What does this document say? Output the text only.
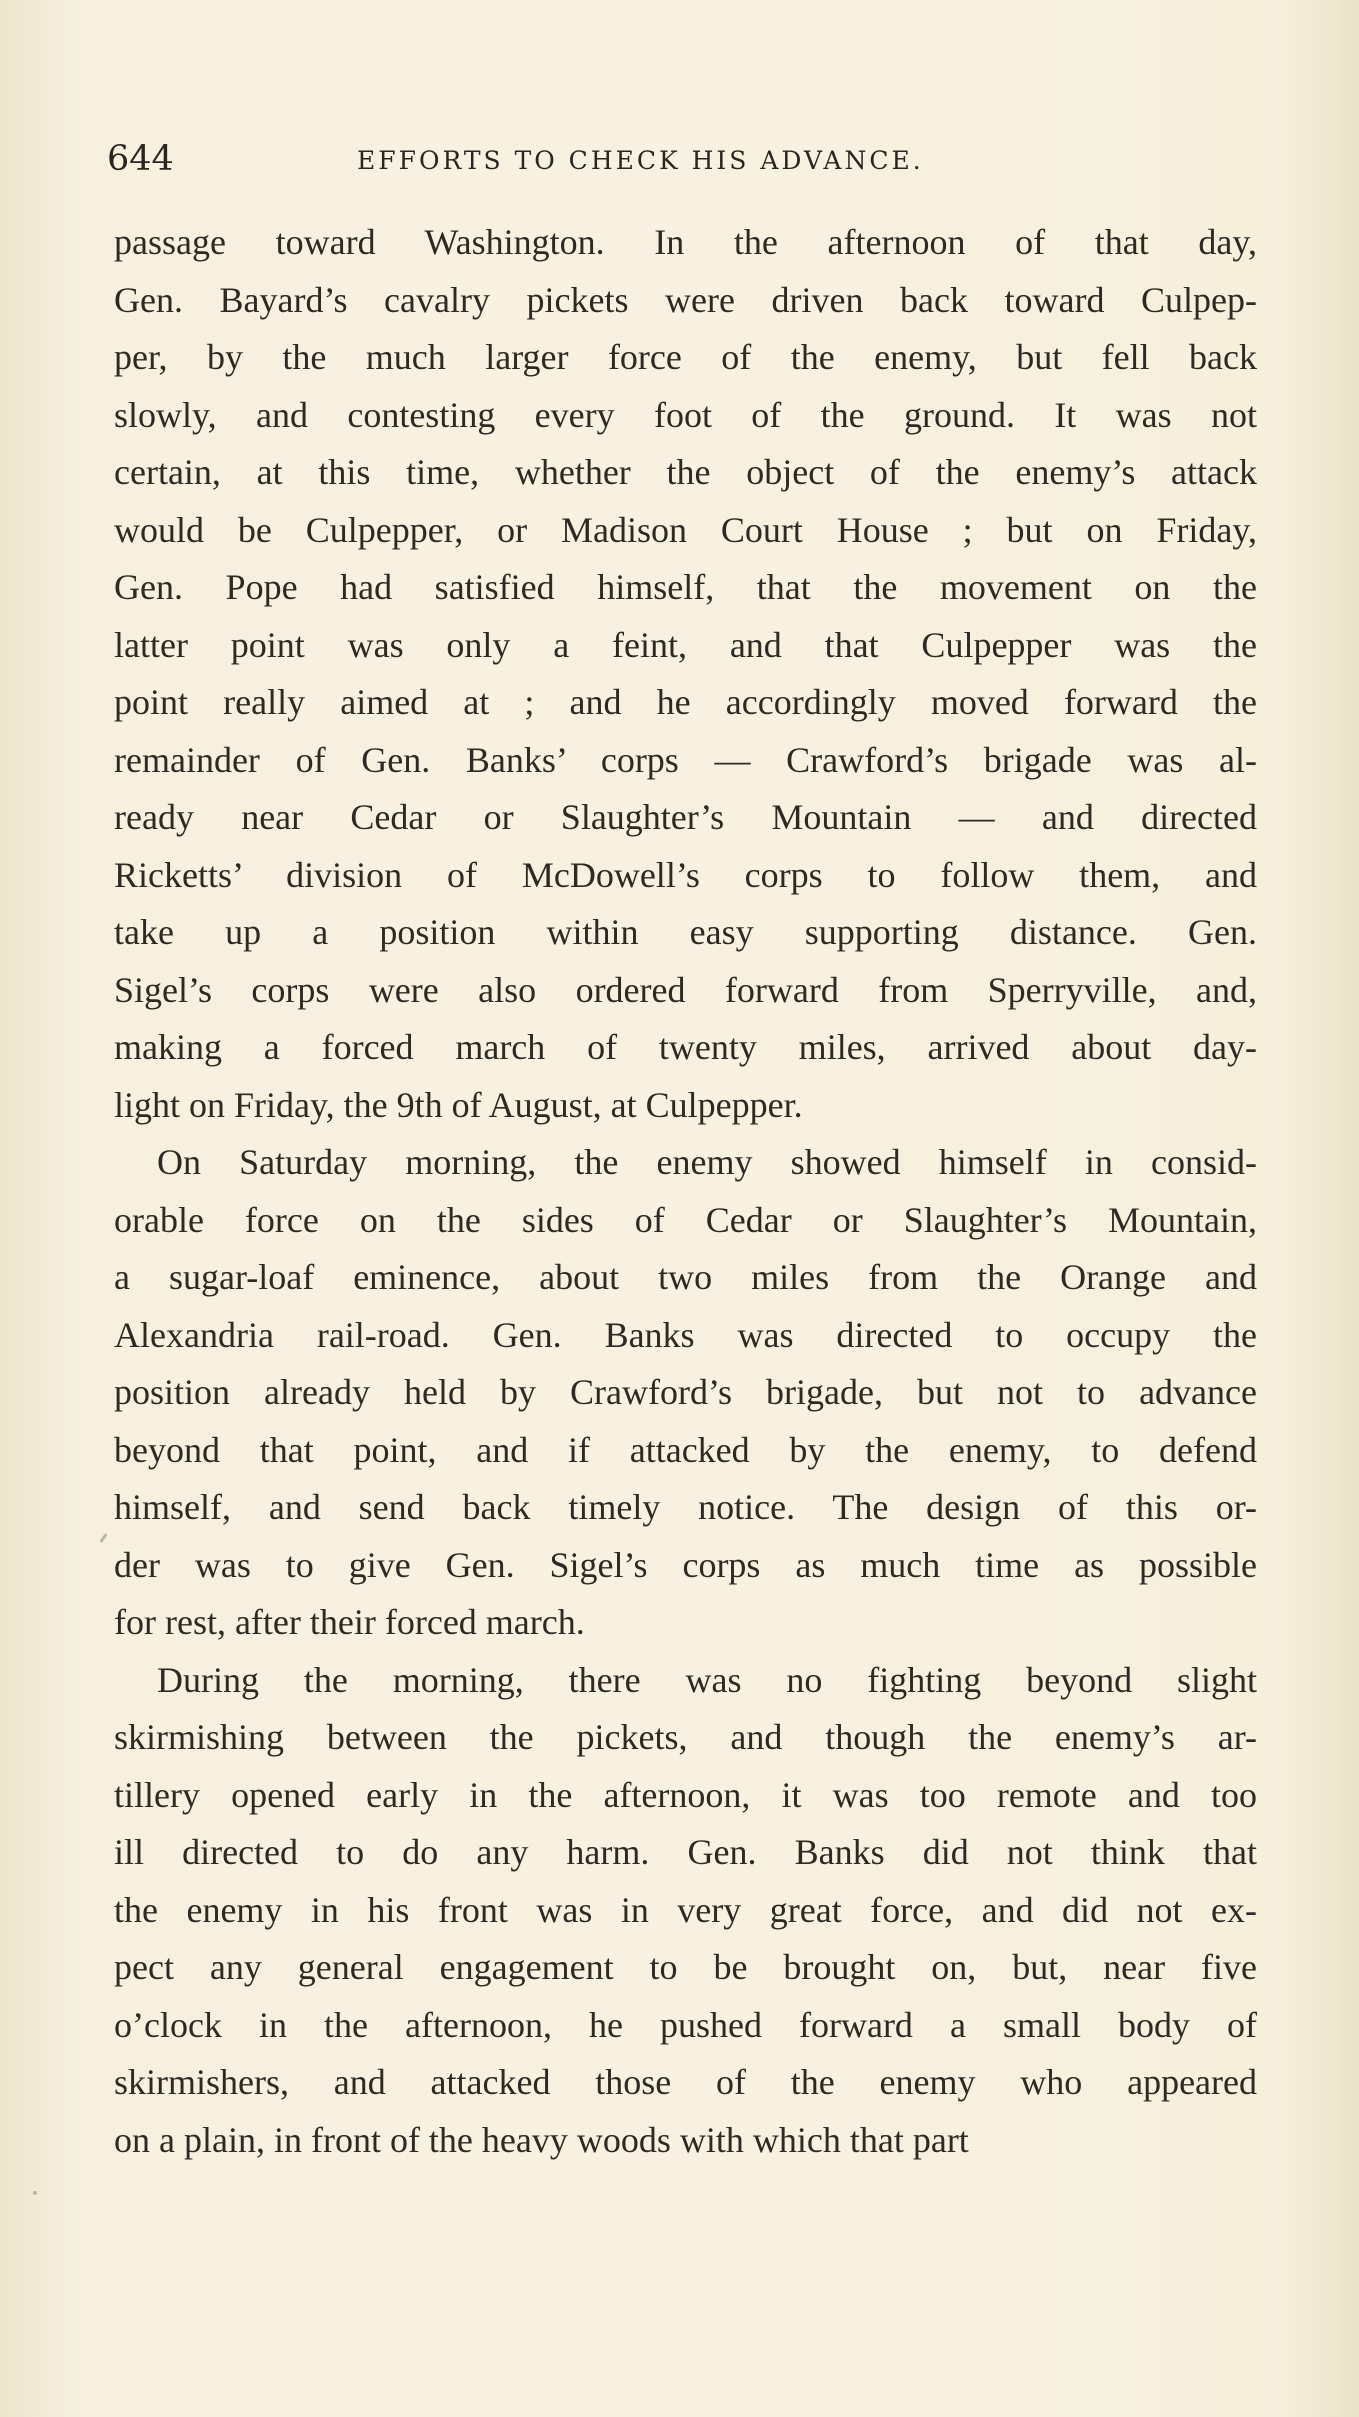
644	EFFORTS TO CHECK HIS ADVANCE.
passage toward Washington. In the afternoon of that day,
Gen. Bayard’s cavalry pickets were driven back toward Culpep-
per, by the much larger force of the enemy, but fell back
slowly, and contesting every foot of the ground. It was not
certain, at this time, whether the object of the enemy’s attack
would be Culpepper, or Madison Court House ; but on Friday,
Gen. Pope had satisfied himself, that the movement on the
latter point was only a feint, and that Culpepper was the
point really aimed at ; and he accordingly moved forward the
remainder of Gen. Banks’ corps — Crawford’s brigade was al-
ready near Cedar or Slaughter’s Mountain — and directed
Ricketts’ division of McDowell’s corps to follow them, and
take up a position within easy supporting distance. Gen.
Sigel’s corps were also ordered forward from Sperryville, and,
making a forced march of twenty miles, arrived about day-
light on Friday, the 9th of August, at Culpepper.
On Saturday morning, the enemy showed himself in consid-
orable force on the sides of Cedar or Slaughter’s Mountain,
a sugar-loaf eminence, about two miles from the Orange and
Alexandria rail-road. Gen. Banks was directed to occupy the
position already held by Crawford’s brigade, but not to advance
beyond that point, and if attacked by the enemy, to defend
himself, and send back timely notice. The design of this or-
der was to give Gen. Sigel’s corps as much time as possible
for rest, after their forced march.
During the morning, there was no fighting beyond slight
skirmishing between the pickets, and though the enemy’s ar-
tillery opened early in the afternoon, it was too remote and too
ill directed to do any harm. Gen. Banks did not think that
the enemy in his front was in very great force, and did not ex-
pect any general engagement to be brought on, but, near five
o’clock in the afternoon, he pushed forward a small body of
skirmishers, and attacked those of the enemy who appeared
on a plain, in front of the heavy woods with which that part
